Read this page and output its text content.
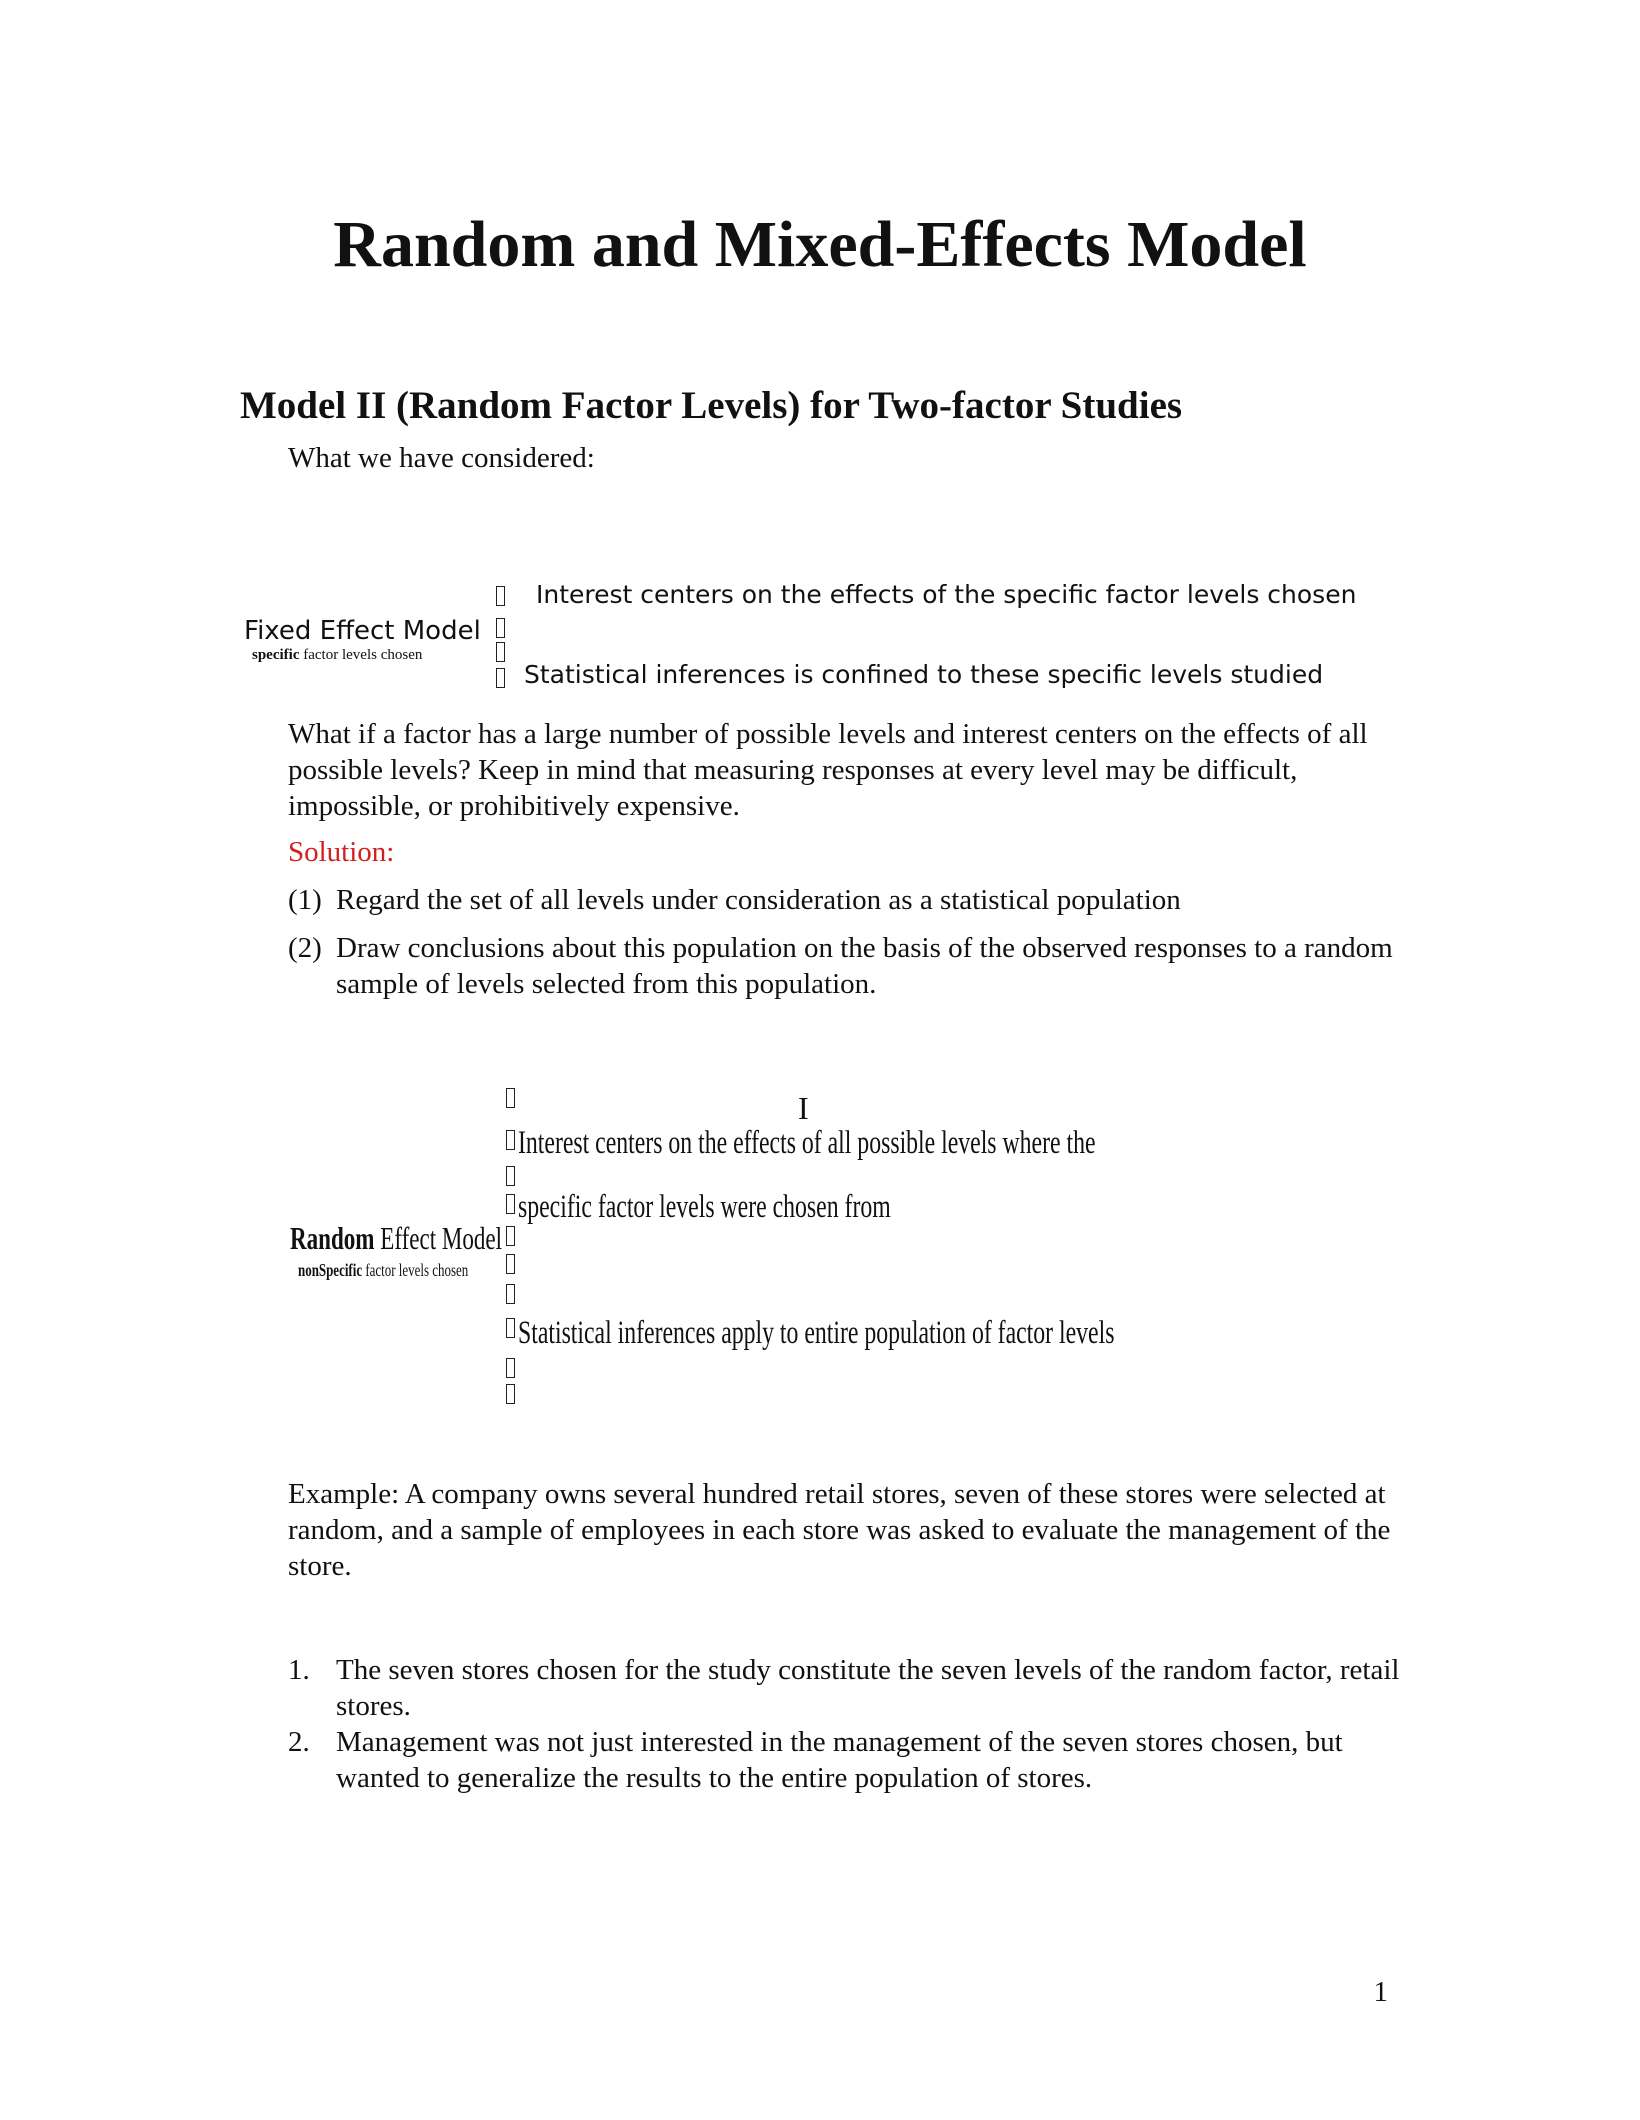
Random and Mixed-Effects Model
Model II (Random Factor Levels) for Two-factor Studies
What we have considered:
Fixed Effect Model
specific factor levels chosen
Interest centers on the effects of the specific factor levels chosen
Statistical inferences is confined to these specific levels studied
What if a factor has a large number of possible levels and interest centers on the effects of all possible levels? Keep in mind that measuring responses at every level may be difficult, impossible, or prohibitively expensive.
Solution:
(1) Regard the set of all levels under consideration as a statistical population
(2) Draw conclusions about this population on the basis of the observed responses to a random sample of levels selected from this population.
I
Random Effect Model
nonSpecific factor levels chosen
Interest centers on the effects of all possible levels where the
specific factor levels were chosen from
Statistical inferences apply to entire population of factor levels
Example: A company owns several hundred retail stores, seven of these stores were selected at random, and a sample of employees in each store was asked to evaluate the management of the store.
1. The seven stores chosen for the study constitute the seven levels of the random factor, retail stores.
2. Management was not just interested in the management of the seven stores chosen, but wanted to generalize the results to the entire population of stores.
1
